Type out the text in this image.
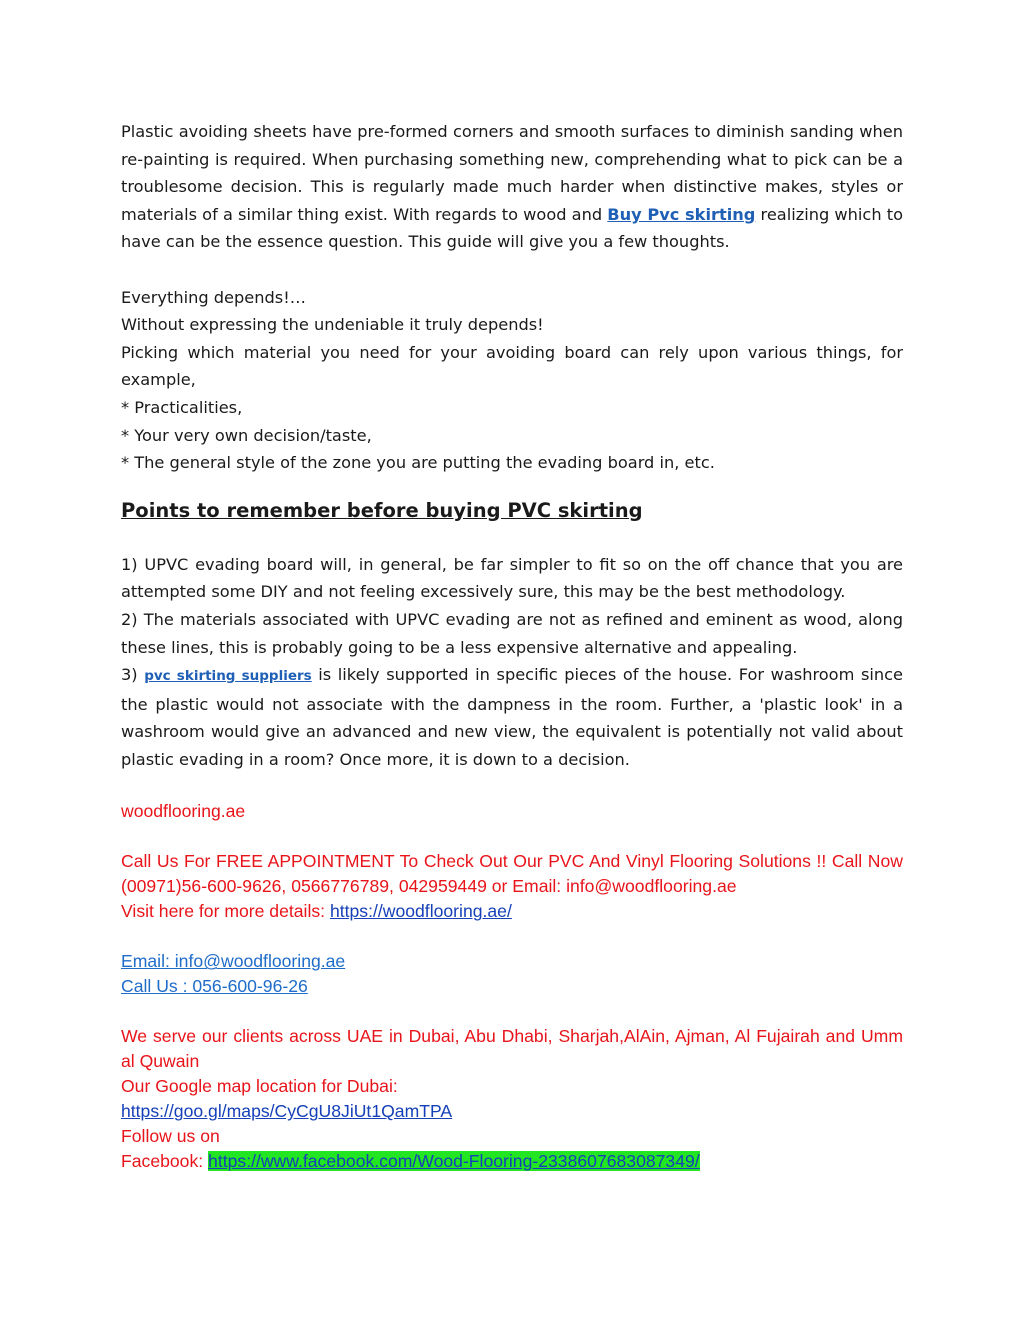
Plastic avoiding sheets have pre-formed corners and smooth surfaces to diminish sanding when re-painting is required. When purchasing something new, comprehending what to pick can be a troublesome decision. This is regularly made much harder when distinctive makes, styles or materials of a similar thing exist. With regards to wood and Buy Pvc skirting realizing which to have can be the essence question. This guide will give you a few thoughts.

Everything depends!…

Without expressing the undeniable it truly depends!

Picking which material you need for your avoiding board can rely upon various things, for example,

* Practicalities,

* Your very own decision/taste,

* The general style of the zone you are putting the evading board in, etc.

Points to remember before buying PVC skirting

1) UPVC evading board will, in general, be far simpler to fit so on the off chance that you are attempted some DIY and not feeling excessively sure, this may be the best methodology.

2) The materials associated with UPVC evading are not as refined and eminent as wood, along these lines, this is probably going to be a less expensive alternative and appealing.

3) pvc skirting suppliers is likely supported in specific pieces of the house. For washroom since the plastic would not associate with the dampness in the room. Further, a 'plastic look' in a washroom would give an advanced and new view, the equivalent is potentially not valid about plastic evading in a room? Once more, it is down to a decision.

woodflooring.ae

Call Us For FREE APPOINTMENT To Check Out Our PVC And Vinyl Flooring Solutions !! Call Now (00971)56-600-9626, 0566776789, 042959449 or Email: info@woodflooring.ae

Visit here for more details: https://woodflooring.ae/

Email: info@woodflooring.ae

Call Us : 056-600-96-26

We serve our clients across UAE in Dubai, Abu Dhabi, Sharjah,AlAin, Ajman, Al Fujairah and Umm al Quwain

Our Google map location for Dubai:

https://goo.gl/maps/CyCgU8JiUt1QamTPA

Follow us on

Facebook: https://www.facebook.com/Wood-Flooring-2338607683087349/
